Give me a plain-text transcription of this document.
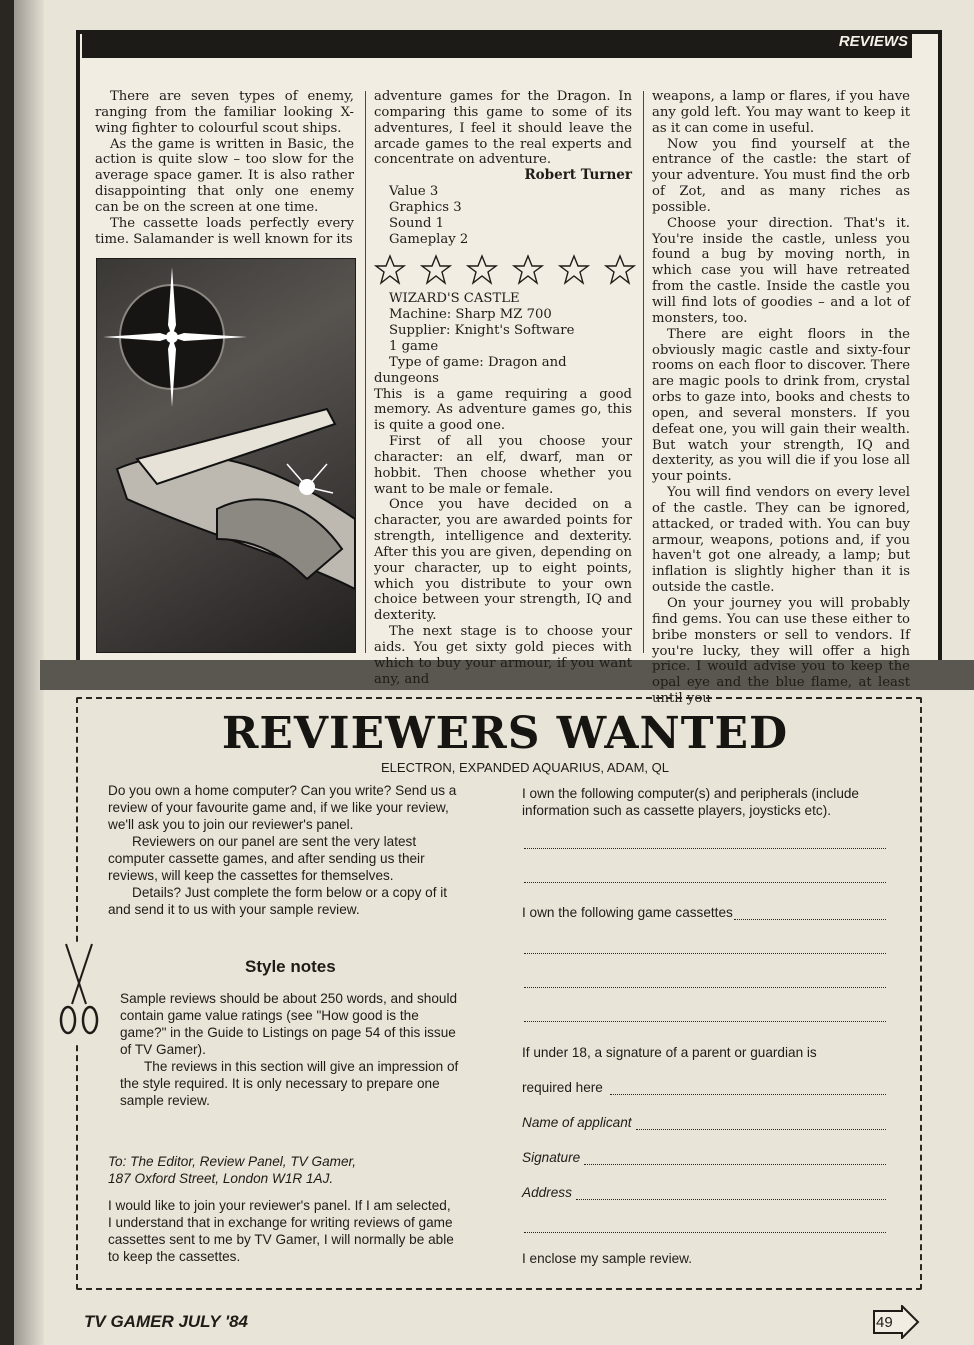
REVIEWS

There are seven types of enemy, ranging from the familiar looking X-wing fighter to colourful scout ships.

As the game is written in Basic, the action is quite slow – too slow for the average space gamer. It is also rather disappointing that only one enemy can be on the screen at one time.

The cassette loads perfectly every time. Salamander is well known for its

adventure games for the Dragon. In comparing this game to some of its adventures, I feel it should leave the arcade games to the real experts and concentrate on adventure.

Robert Turner

Value 3

Graphics 3

Sound 1

Gameplay 2

WIZARD'S CASTLE

Machine: Sharp MZ 700

Supplier: Knight's Software

1 game

Type of game: Dragon and dungeons

This is a game requiring a good memory. As adventure games go, this is quite a good one.

First of all you choose your character: an elf, dwarf, man or hobbit. Then choose whether you want to be male or female.

Once you have decided on a character, you are awarded points for strength, intelligence and dexterity. After this you are given, depending on your character, up to eight points, which you distribute to your own choice between your strength, IQ and dexterity.

The next stage is to choose your aids. You get sixty gold pieces with which to buy your armour, if you want any, and

weapons, a lamp or flares, if you have any gold left. You may want to keep it as it can come in useful.

Now you find yourself at the entrance of the castle: the start of your adventure. You must find the orb of Zot, and as many riches as possible.

Choose your direction. That's it. You're inside the castle, unless you found a bug by moving north, in which case you will have retreated from the castle. Inside the castle you will find lots of goodies – and a lot of monsters, too.

There are eight floors in the obviously magic castle and sixty-four rooms on each floor to discover. There are magic pools to drink from, crystal orbs to gaze into, books and chests to open, and several monsters. If you defeat one, you will gain their wealth. But watch your strength, IQ and dexterity, as you will die if you lose all your points.

You will find vendors on every level of the castle. They can be ignored, attacked, or traded with. You can buy armour, weapons, potions and, if you haven't got one already, a lamp; but inflation is slightly higher than it is outside the castle.

On your journey you will probably find gems. You can use these either to bribe monsters or sell to vendors. If you're lucky, they will offer a high price. I would advise you to keep the opal eye and the blue flame, at least until you

REVIEWERS WANTED
ELECTRON, EXPANDED AQUARIUS, ADAM, QL

Do you own a home computer? Can you write? Send us a review of your favourite game and, if we like your review, we'll ask you to join our reviewer's panel.

Reviewers on our panel are sent the very latest computer cassette games, and after sending us their reviews, will keep the cassettes for themselves.

Details? Just complete the form below or a copy of it and send it to us with your sample review.

Style notes

Sample reviews should be about 250 words, and should contain game value ratings (see "How good is the game?" in the Guide to Listings on page 54 of this issue of TV Gamer).

The reviews in this section will give an impression of the style required. It is only necessary to prepare one sample review.

To: The Editor, Review Panel, TV Gamer,

187 Oxford Street, London W1R 1AJ.

I would like to join your reviewer's panel. If I am selected, I understand that in exchange for writing reviews of game cassettes sent to me by TV Gamer, I will normally be able to keep the cassettes.

I own the following computer(s) and peripherals (include information such as cassette players, joysticks etc).
I own the following game cassettes
If under 18, a signature of a parent or guardian is
required here
Name of applicant
Signature
Address
I enclose my sample review.
TV GAMER JULY '84	49
